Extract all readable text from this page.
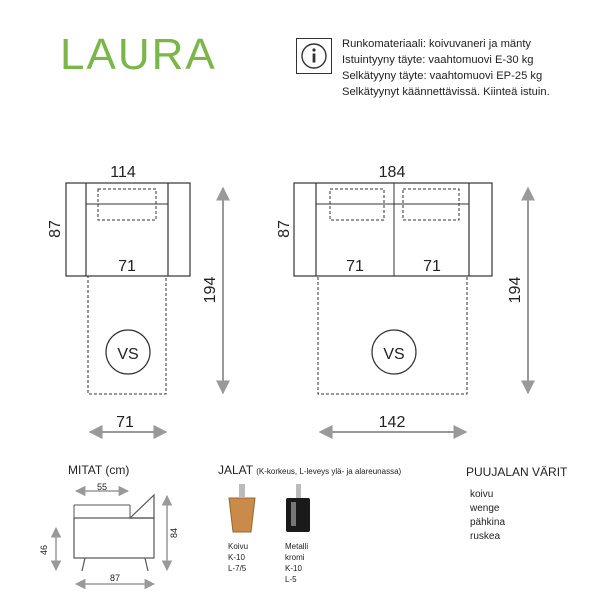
LAURA	Runkomateriaali: koivuvaneri ja mänty
Istuintyyny täyte: vaahtomuovi E-30 kg
Selkätyyny täyte: vaahtomuovi EP-25 kg
Selkätyynyt käännettävissä. Kiinteä istuin.
114
87
71
VS
194
71
184
87
71	71
VS
194
142
55
84
46
87
MITAT (cm)	JALAT (K-korkeus, L-leveys ylä- ja alareunassa)	PUUJALAN VÄRIT
Koivu
K-10
L-7/5
Metalli
kromi
K-10
L-5
koivu
wenge
pähkina
ruskea
